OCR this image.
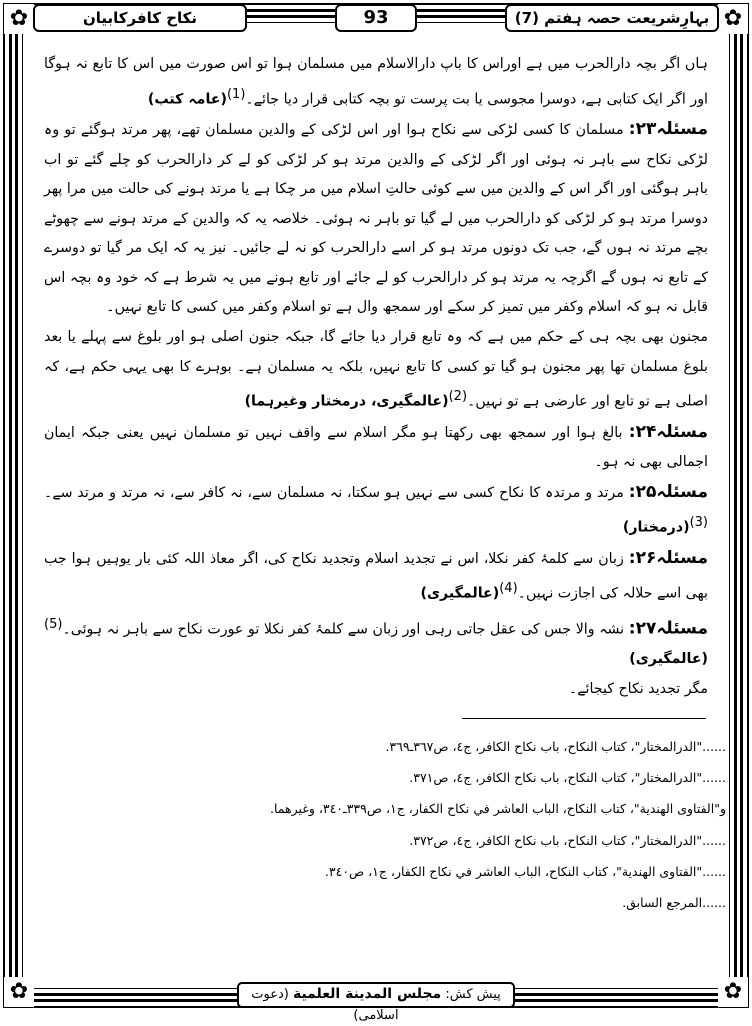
✿	✿
✿	✿
بہارِشریعت حصہ ہفتم (7)
93
نکاح کافرکابیان

ہاں اگر بچہ دارالحرب میں ہے اوراس کا باپ دارالاسلام میں مسلمان ہوا تو اس صورت میں اس کا تابع نہ ہوگا اور اگر ایک کتابی ہے، دوسرا مجوسی یا بت پرست تو بچہ کتابی قرار دیا جائے۔$^{(1)}$(عامہ کتب)

مسئلہ۲۳: مسلمان کا کسی لڑکی سے نکاح ہوا اور اس لڑکی کے والدین مسلمان تھے، پھر مرتد ہوگئے تو وہ لڑکی نکاح سے باہر نہ ہوئی اور اگر لڑکی کے والدین مرتد ہو کر لڑکی کو لے کر دارالحرب کو چلے گئے تو اب باہر ہوگئی اور اگر اس کے والدین میں سے کوئی حالتِ اسلام میں مر چکا ہے یا مرتد ہونے کی حالت میں مرا پھر دوسرا مرتد ہو کر لڑکی کو دارالحرب میں لے گیا تو باہر نہ ہوئی۔ خلاصہ یہ کہ والدین کے مرتد ہونے سے چھوٹے بچے مرتد نہ ہوں گے، جب تک دونوں مرتد ہو کر اسے دارالحرب کو نہ لے جائیں۔ نیز یہ کہ ایک مر گیا تو دوسرے کے تابع نہ ہوں گے اگرچہ یہ مرتد ہو کر دارالحرب کو لے جائے اور تابع ہونے میں یہ شرط ہے کہ خود وہ بچہ اس قابل نہ ہو کہ اسلام وکفر میں تمیز کر سکے اور سمجھ وال ہے تو اسلام وکفر میں کسی کا تابع نہیں۔

مجنون بھی بچہ ہی کے حکم میں ہے کہ وہ تابع قرار دیا جائے گا، جبکہ جنون اصلی ہو اور بلوغ سے پہلے یا بعد بلوغ مسلمان تھا پھر مجنون ہو گیا تو کسی کا تابع نہیں، بلکہ یہ مسلمان ہے۔ بوہرے کا بھی یہی حکم ہے، کہ اصلی ہے تو تابع اور عارضی ہے تو نہیں۔$^{(2)}$(عالمگیری، درمختار وغیرہما)

مسئلہ۲۴: بالغ ہوا اور سمجھ بھی رکھتا ہو مگر اسلام سے واقف نہیں تو مسلمان نہیں یعنی جبکہ ایمان اجمالی بھی نہ ہو۔

مسئلہ۲۵: مرتد و مرتدہ کا نکاح کسی سے نہیں ہو سکتا، نہ مسلمان سے، نہ کافر سے، نہ مرتد و مرتد سے۔$^{(3)}$(درمختار)

مسئلہ۲۶: زبان سے کلمۂ کفر نکلا، اس نے تجدید اسلام وتجدید نکاح کی، اگر معاذ اللہ کئی بار یوہیں ہوا جب بھی اسے حلالہ کی اجازت نہیں۔$^{(4)}$(عالمگیری)

مسئلہ۲۷: نشہ والا جس کی عقل جاتی رہی اور زبان سے کلمۂ کفر نکلا تو عورت نکاح سے باہر نہ ہوئی۔$^{(5)}$(عالمگیری)

مگر تجدید نکاح کیجائے۔

......"الدرالمختار"، کتاب النکاح، باب نکاح الکافر، ج٤، ص٣٦٧ـ٣٦٩.
......"الدرالمختار"، کتاب النکاح، باب نکاح الکافر، ج٤، ص٣٧١.
و"الفتاوی الهندية"، کتاب النکاح، الباب العاشر في نکاح الکفار، ج١، ص٣٣٩ـ٣٤٠، وغيرهما.
......"الدرالمختار"، کتاب النکاح، باب نکاح الکافر، ج٤، ص٣٧٢.
......"الفتاوی الهندية"، کتاب النکاح، الباب العاشر في نکاح الکفار، ج١، ص٣٤٠.
......المرجع السابق.
پیش کش: مجلس المدينة العلمية (دعوت اسلامی)
